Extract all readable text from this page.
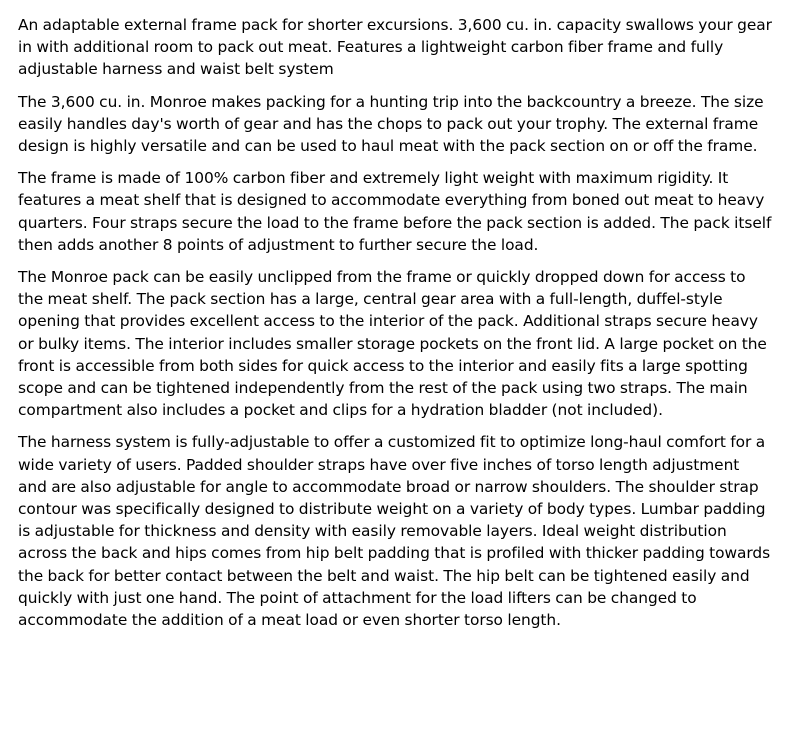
An adaptable external frame pack for shorter excursions. 3,600 cu. in. capacity swallows your gear in with additional room to pack out meat. Features a lightweight carbon fiber frame and fully adjustable harness and waist belt system

The 3,600 cu. in. Monroe makes packing for a hunting trip into the backcountry a breeze. The size easily handles day's worth of gear and has the chops to pack out your trophy. The external frame design is highly versatile and can be used to haul meat with the pack section on or off the frame.

The frame is made of 100% carbon fiber and extremely light weight with maximum rigidity. It features a meat shelf that is designed to accommodate everything from boned out meat to heavy quarters. Four straps secure the load to the frame before the pack section is added. The pack itself then adds another 8 points of adjustment to further secure the load.

The Monroe pack can be easily unclipped from the frame or quickly dropped down for access to the meat shelf. The pack section has a large, central gear area with a full-length, duffel-style opening that provides excellent access to the interior of the pack. Additional straps secure heavy or bulky items. The interior includes smaller storage pockets on the front lid. A large pocket on the front is accessible from both sides for quick access to the interior and easily fits a large spotting scope and can be tightened independently from the rest of the pack using two straps. The main compartment also includes a pocket and clips for a hydration bladder (not included).

The harness system is fully-adjustable to offer a customized fit to optimize long-haul comfort for a wide variety of users. Padded shoulder straps have over five inches of torso length adjustment and are also adjustable for angle to accommodate broad or narrow shoulders. The shoulder strap contour was specifically designed to distribute weight on a variety of body types. Lumbar padding is adjustable for thickness and density with easily removable layers. Ideal weight distribution across the back and hips comes from hip belt padding that is profiled with thicker padding towards the back for better contact between the belt and waist. The hip belt can be tightened easily and quickly with just one hand. The point of attachment for the load lifters can be changed to accommodate the addition of a meat load or even shorter torso length.
